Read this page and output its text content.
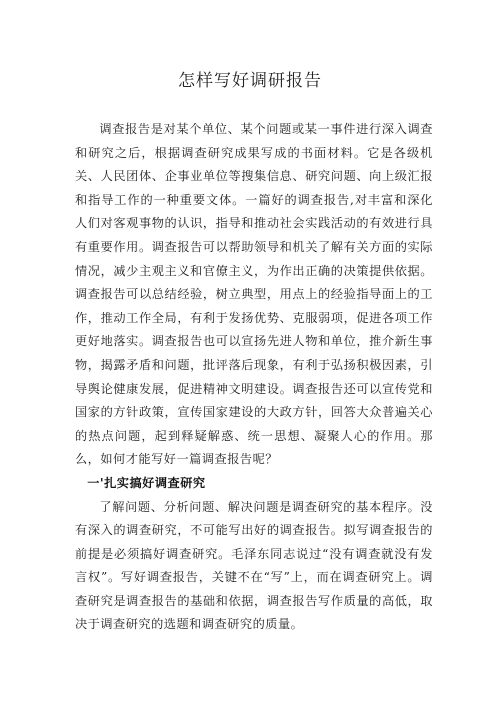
怎样写好调研报告

调查报告是对某个单位、某个问题或某一事件进行深入调查和研究之后，根据调查研究成果写成的书面材料。它是各级机关、人民团体、企事业单位等搜集信息、研究问题、向上级汇报和指导工作的一种重要文体。一篇好的调查报告,对丰富和深化人们对客观事物的认识，指导和推动社会实践活动的有效进行具有重要作用。调查报告可以帮助领导和机关了解有关方面的实际情况，减少主观主义和官僚主义，为作出正确的决策提供依据。调查报告可以总结经验，树立典型，用点上的经验指导面上的工作，推动工作全局，有利于发扬优势、克服弱项，促进各项工作更好地落实。调查报告也可以宣扬先进人物和单位，推介新生事物，揭露矛盾和问题，批评落后现象，有利于弘扬积极因素，引导舆论健康发展，促进精神文明建设。调查报告还可以宣传党和国家的方针政策，宣传国家建设的大政方针，回答大众普遍关心的热点问题，起到释疑解惑、统一思想、凝聚人心的作用。那么，如何才能写好一篇调查报告呢？

一'扎实搞好调查研究

了解问题、分析问题、解决问题是调查研究的基本程序。没有深入的调查研究，不可能写出好的调查报告。拟写调查报告的前提是必须搞好调查研究。毛泽东同志说过“没有调查就没有发言权”。写好调查报告，关键不在“写”上，而在调查研究上。调查研究是调查报告的基础和依据，调查报告写作质量的高低，取决于调查研究的选题和调查研究的质量。
